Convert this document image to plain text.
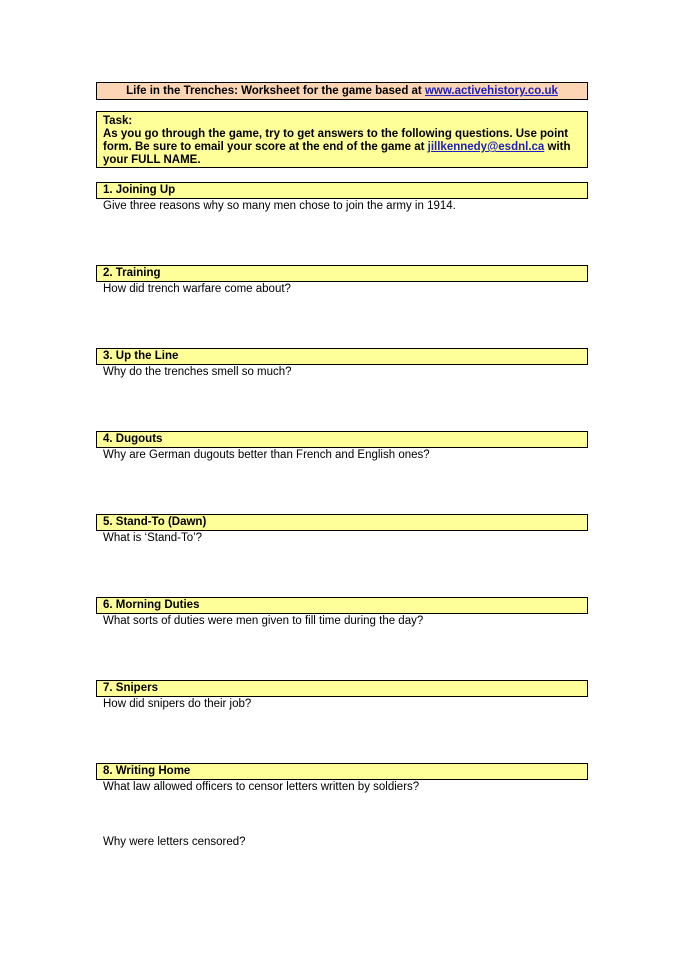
Life in the Trenches: Worksheet for the game based at www.activehistory.co.uk
Task:
As you go through the game, try to get answers to the following questions. Use point form. Be sure to email your score at the end of the game at jillkennedy@esdnl.ca with your FULL NAME.
1. Joining Up
Give three reasons why so many men chose to join the army in 1914.
2. Training
How did trench warfare come about?
3. Up the Line
Why do the trenches smell so much?
4. Dugouts
Why are German dugouts better than French and English ones?
5. Stand-To (Dawn)
What is ‘Stand-To’?
6. Morning Duties
What sorts of duties were men given to fill time during the day?
7. Snipers
How did snipers do their job?
8. Writing Home
What law allowed officers to censor letters written by soldiers?
Why were letters censored?
